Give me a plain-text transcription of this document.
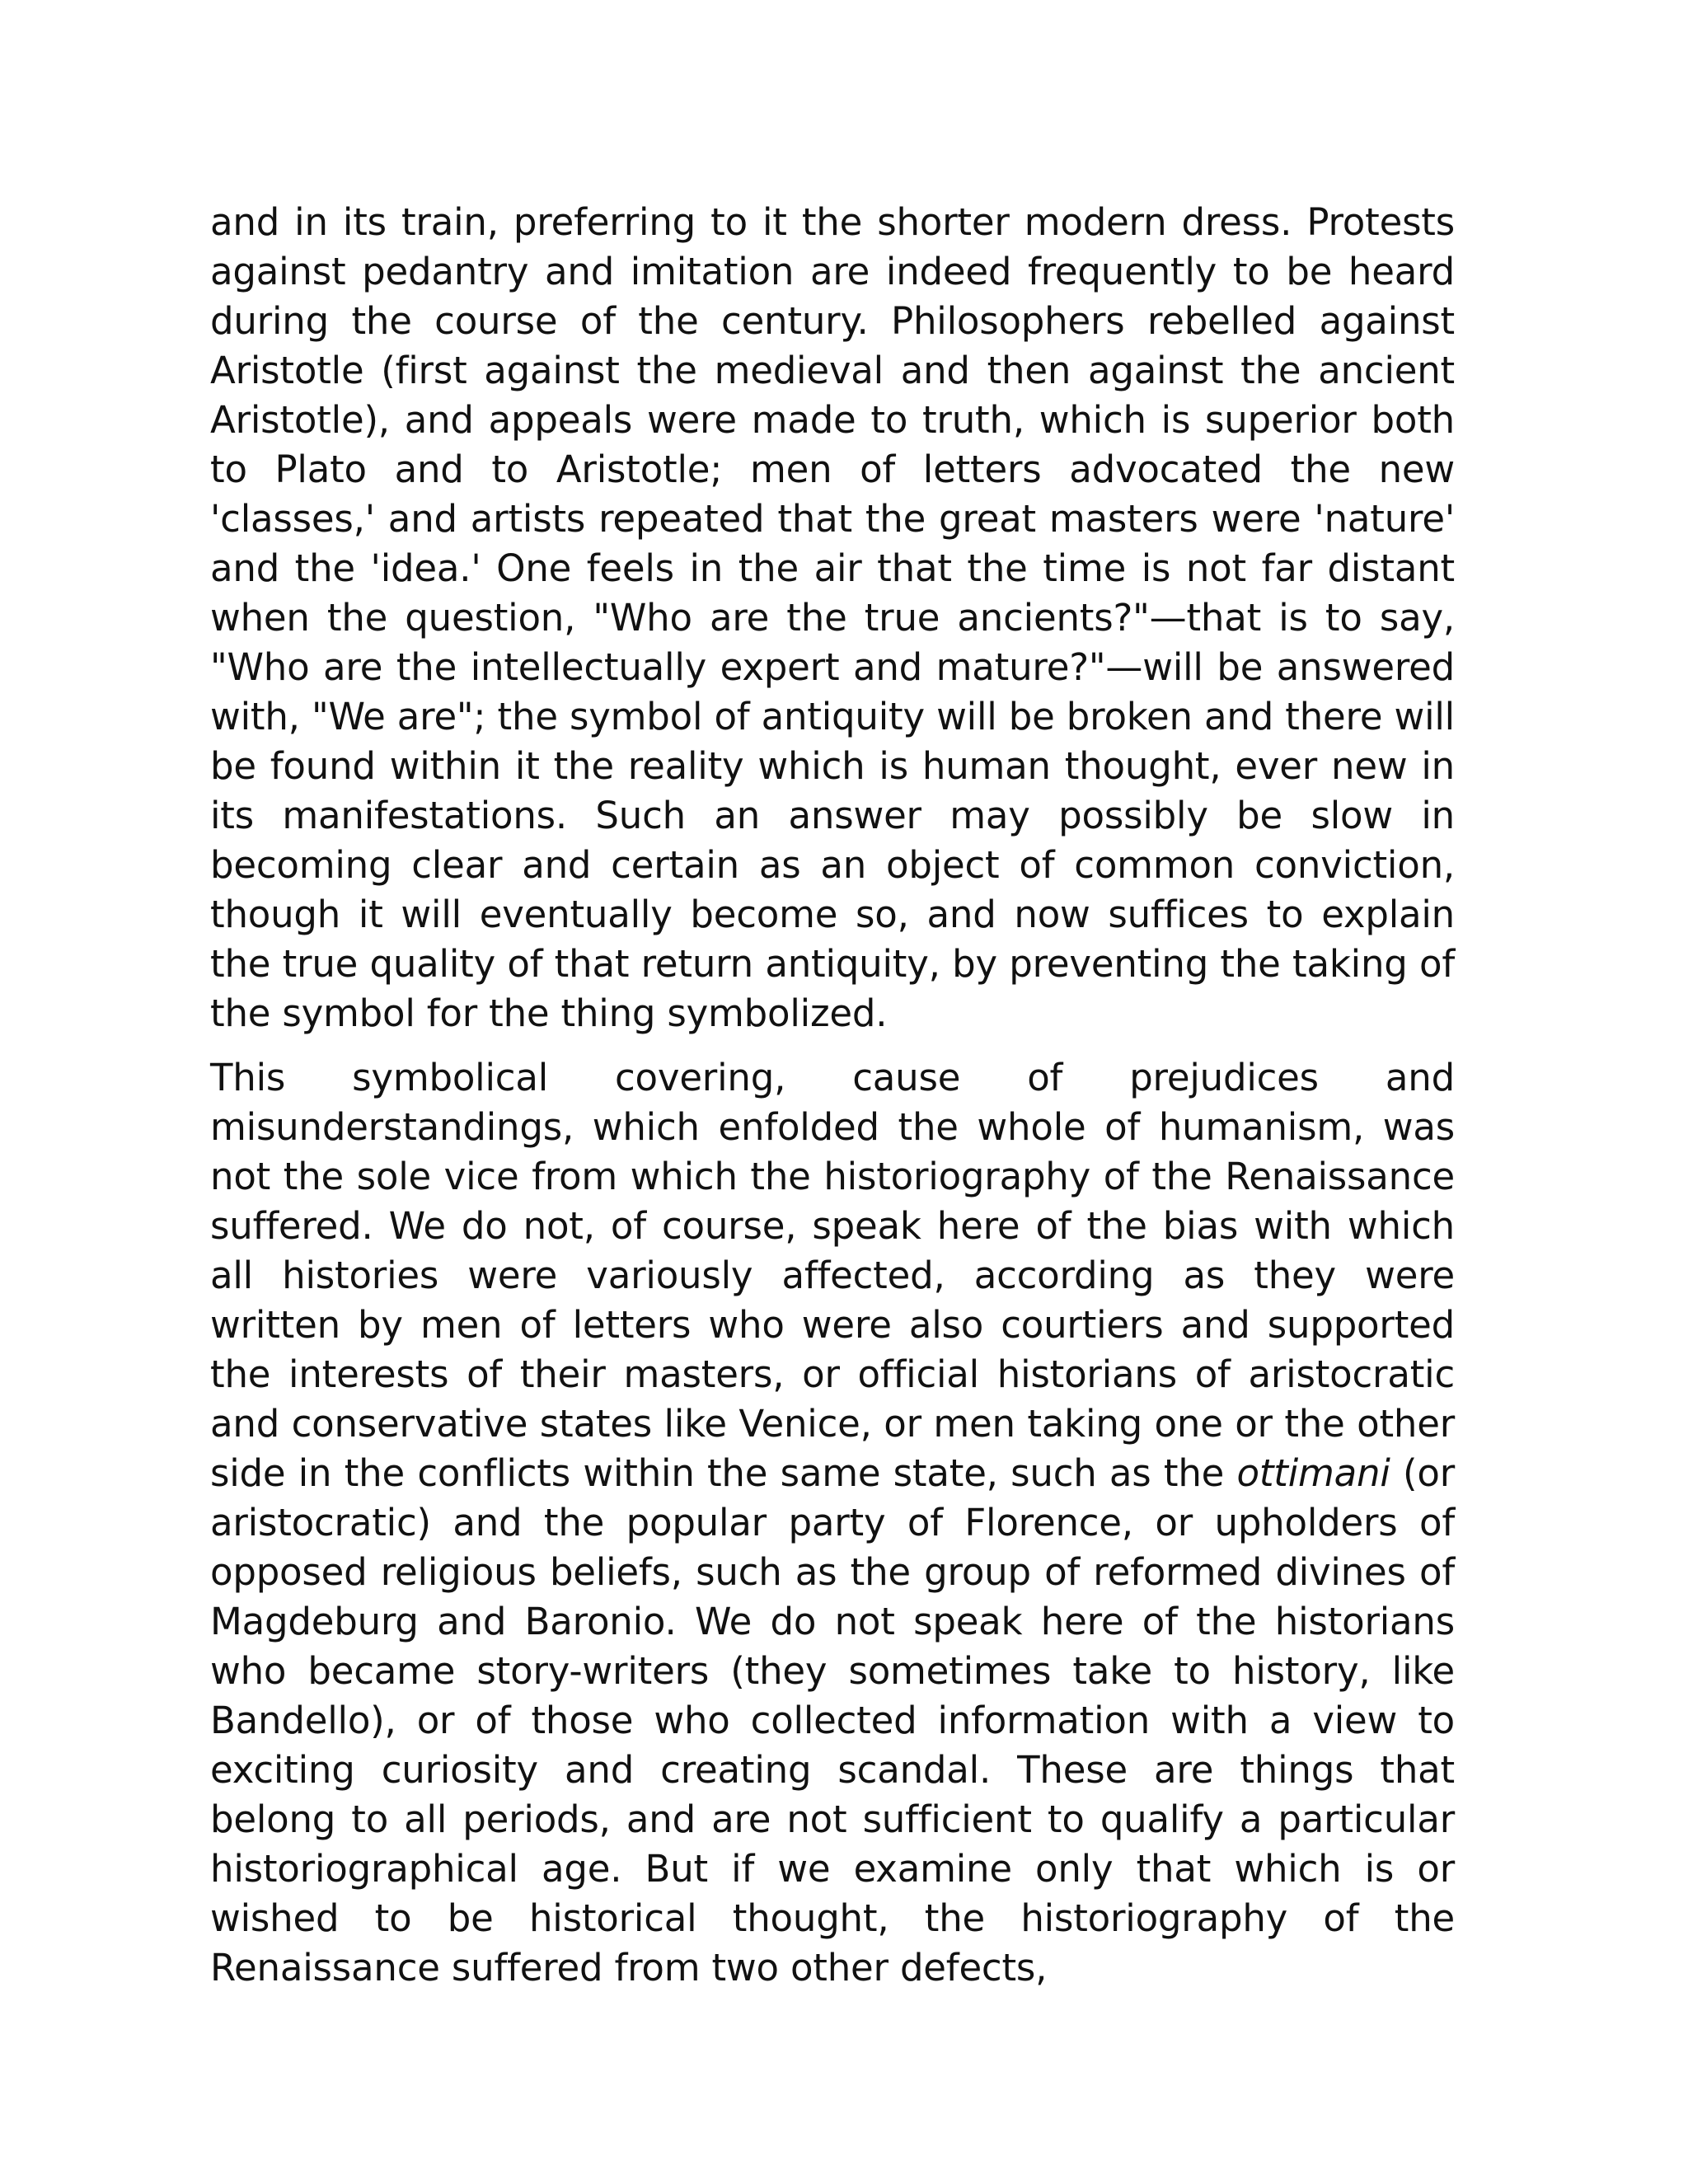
and in its train, preferring to it the shorter modern dress. Protests against pedantry and imitation are indeed frequently to be heard during the course of the century. Philosophers rebelled against Aristotle (first against the medieval and then against the ancient Aristotle), and appeals were made to truth, which is superior both to Plato and to Aristotle; men of letters advocated the new 'classes,' and artists repeated that the great masters were 'nature' and the 'idea.' One feels in the air that the time is not far distant when the question, "Who are the true ancients?"—that is to say, "Who are the intellectually expert and mature?"—will be answered with, "We are"; the symbol of antiquity will be broken and there will be found within it the reality which is human thought, ever new in its manifestations. Such an answer may possibly be slow in becoming clear and certain as an object of common conviction, though it will eventually become so, and now suffices to explain the true quality of that return antiquity, by preventing the taking of the symbol for the thing symbolized.

This symbolical covering, cause of prejudices and misunderstandings, which enfolded the whole of humanism, was not the sole vice from which the historiography of the Renaissance suffered. We do not, of course, speak here of the bias with which all histories were variously affected, according as they were written by men of letters who were also courtiers and supported the interests of their masters, or official historians of aristocratic and conservative states like Venice, or men taking one or the other side in the conflicts within the same state, such as the ottimani (or aristocratic) and the popular party of Florence, or upholders of opposed religious beliefs, such as the group of reformed divines of Magdeburg and Baronio. We do not speak here of the historians who became story-writers (they sometimes take to history, like Bandello), or of those who collected information with a view to exciting curiosity and creating scandal. These are things that belong to all periods, and are not sufficient to qualify a particular historiographical age. But if we examine only that which is or wished to be historical thought, the historiography of the Renaissance suffered from two other defects,
